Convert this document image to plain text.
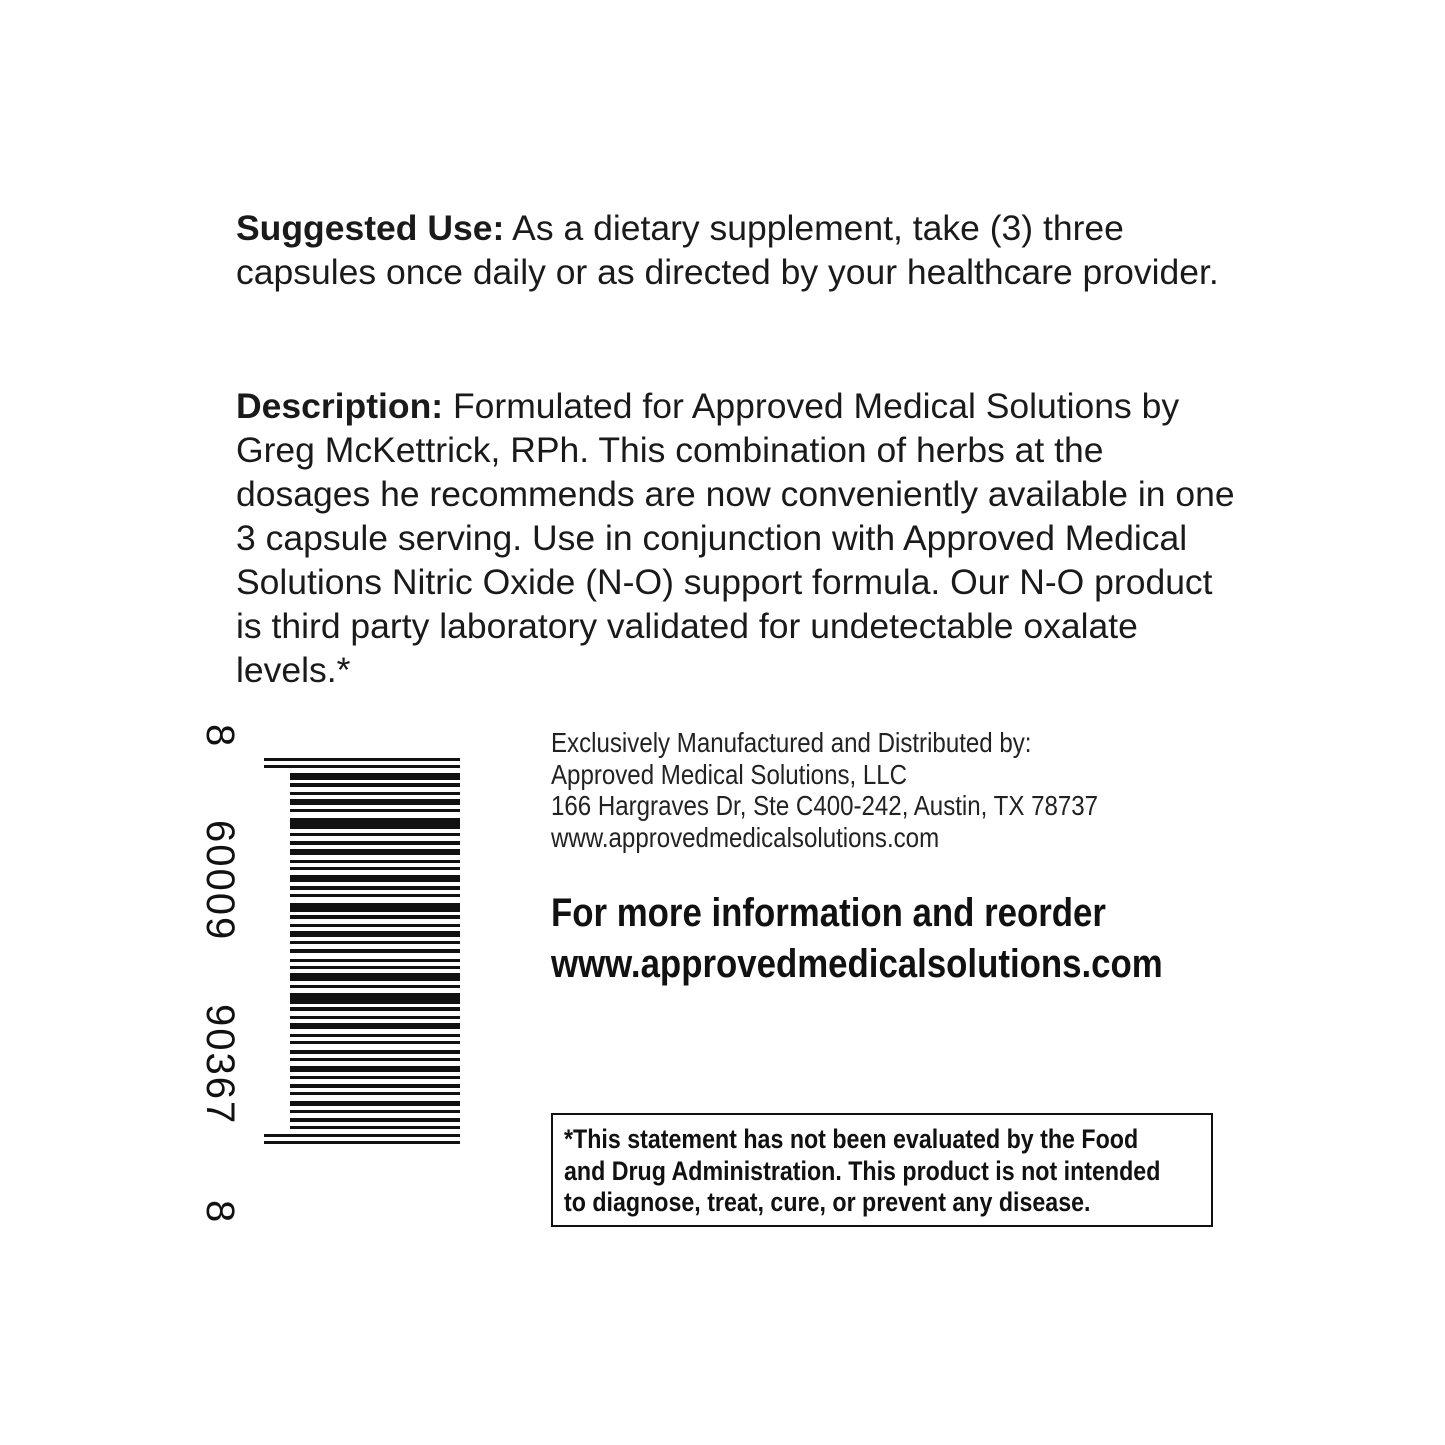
Suggested Use: As a dietary supplement, take (3) three capsules once daily or as directed by your healthcare provider.

Description: Formulated for Approved Medical Solutions by Greg McKettrick, RPh. This combination of herbs at the dosages he recommends are now conveniently available in one 3 capsule serving. Use in conjunction with Approved Medical Solutions Nitric Oxide (N-O) support formula. Our N-O product is third party laboratory validated for undetectable oxalate levels.*

8
60009
90367
8
Exclusively Manufactured and Distributed by:
Approved Medical Solutions, LLC
166 Hargraves Dr, Ste C400-242, Austin, TX 78737
www.approvedmedicalsolutions.com
For more information and reorder
www.approvedmedicalsolutions.com
*This statement has not been evaluated by the Food
and Drug Administration. This product is not intended
to diagnose, treat, cure, or prevent any disease.
